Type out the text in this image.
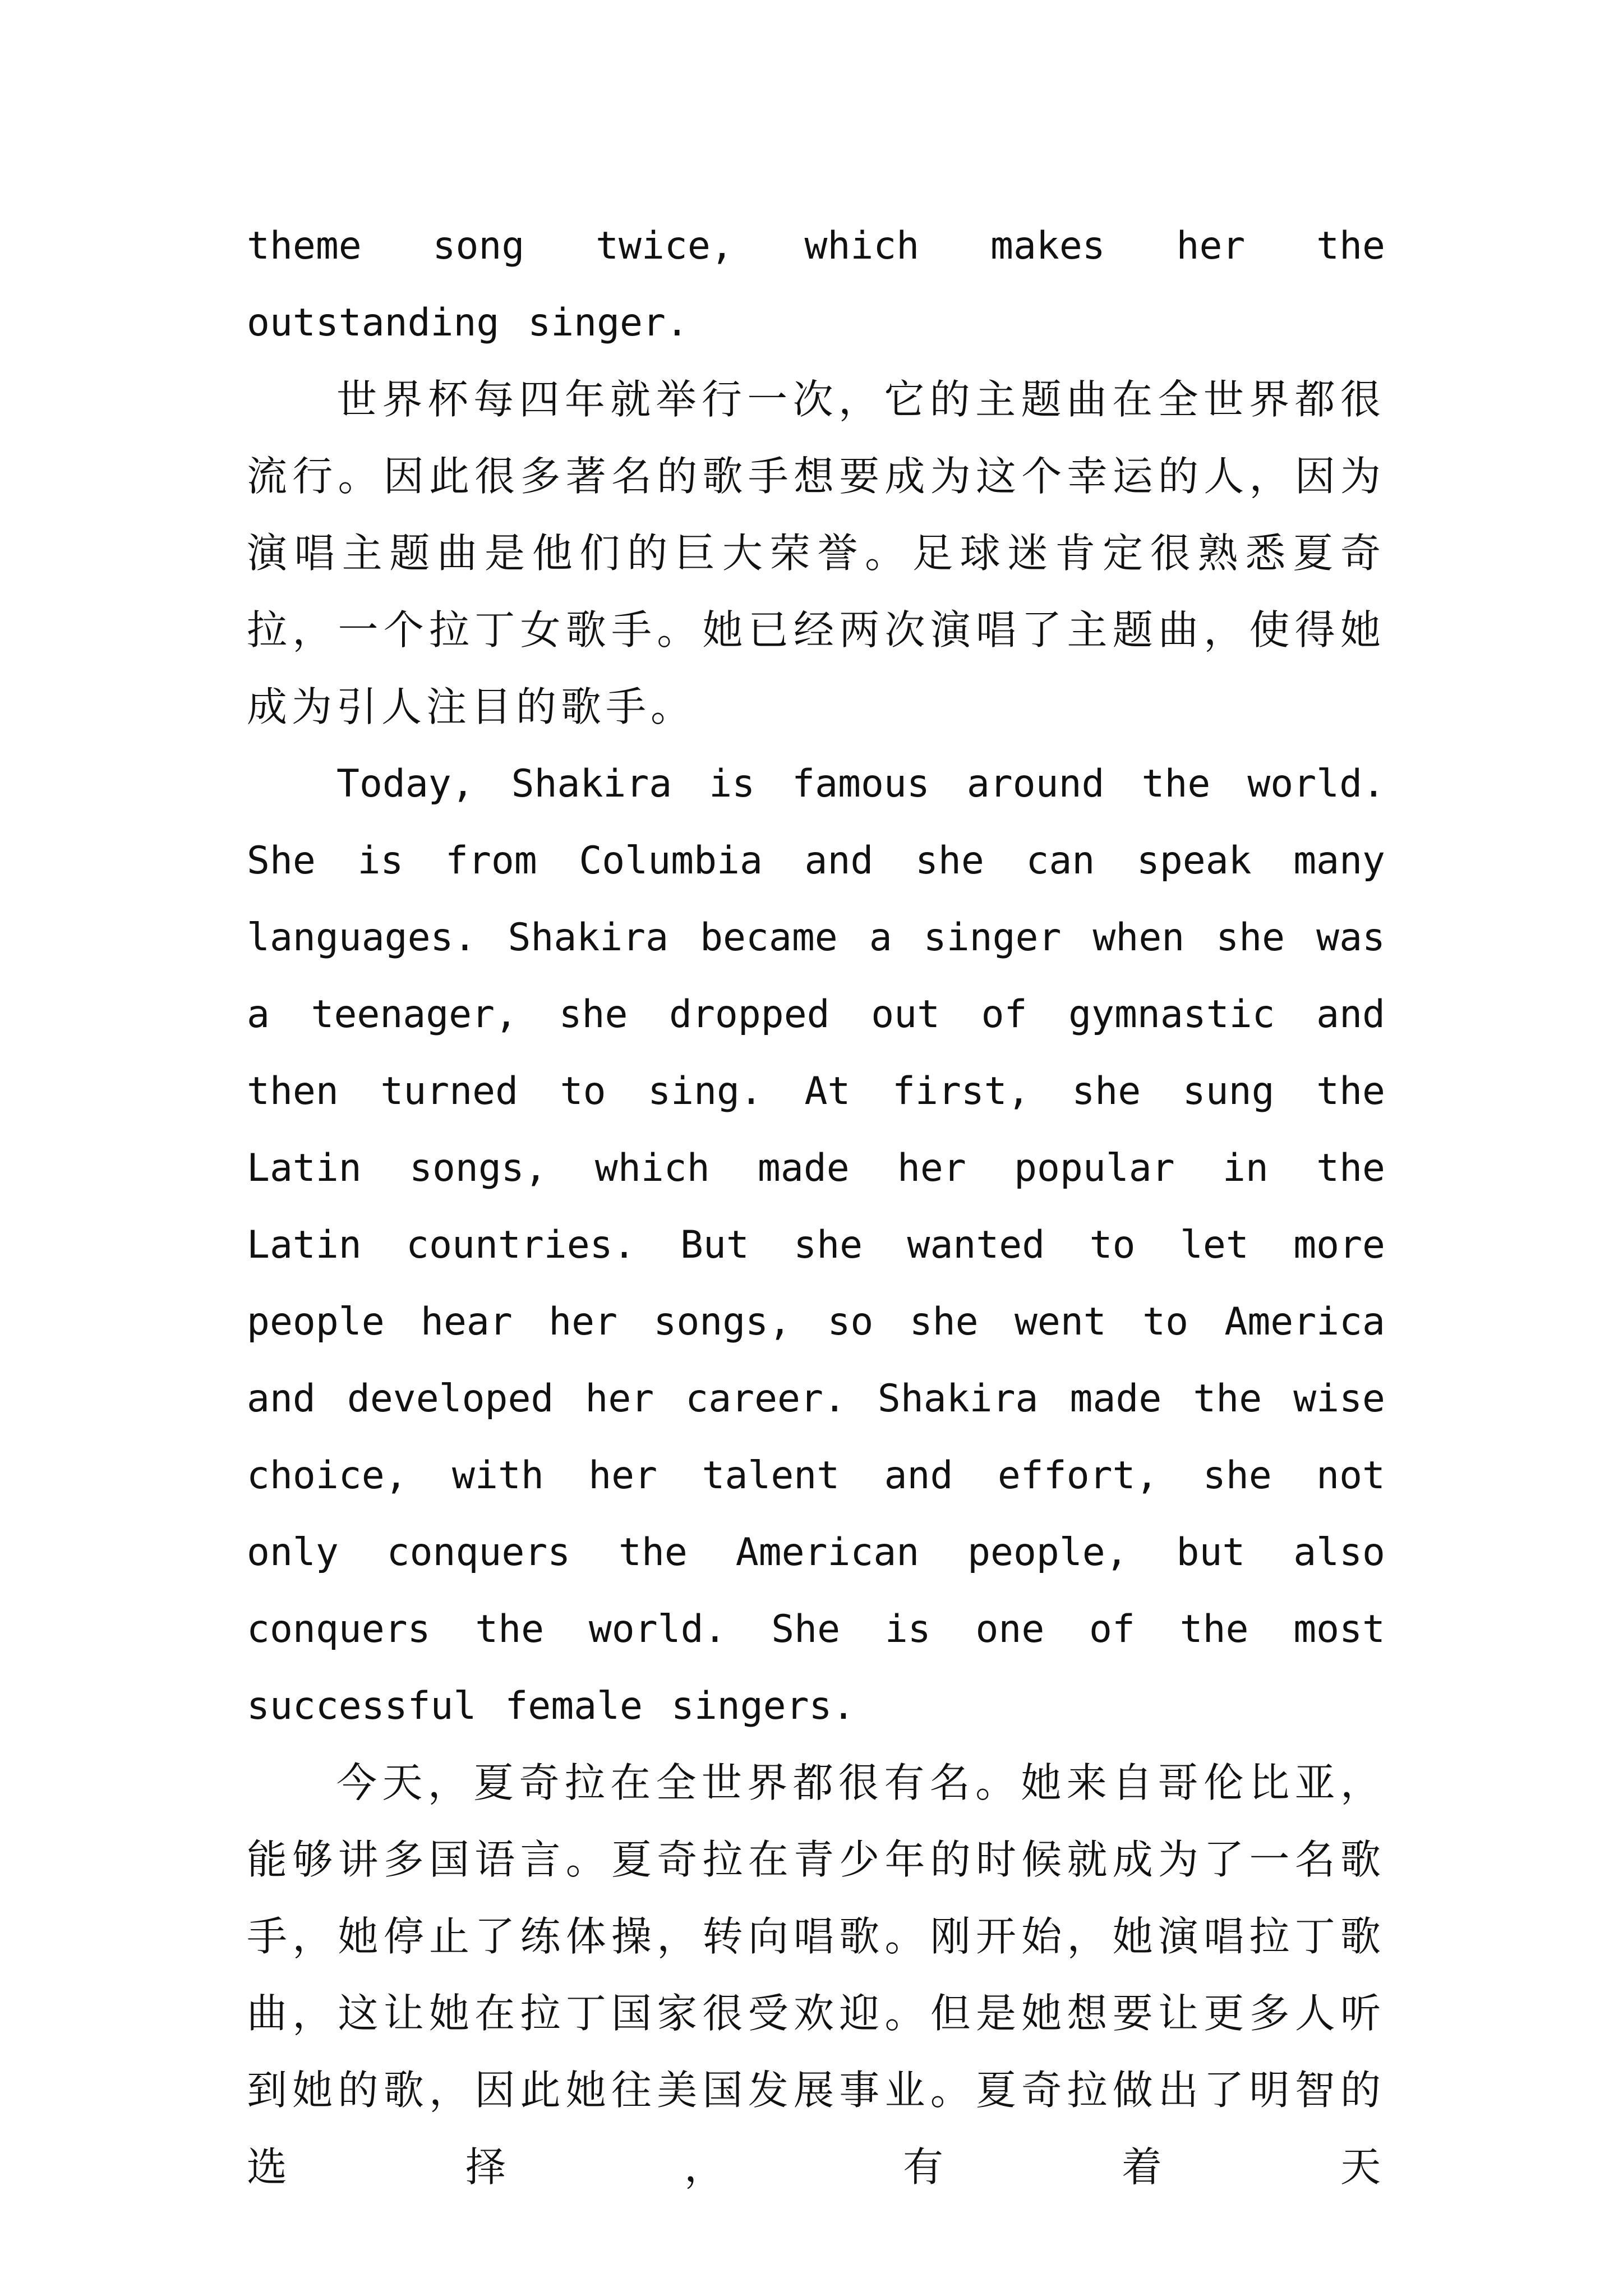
theme song twice, which makes her the outstanding singer.

世界杯每四年就举行一次，它的主题曲在全世界都很流行。因此很多著名的歌手想要成为这个幸运的人，因为演唱主题曲是他们的巨大荣誉。足球迷肯定很熟悉夏奇拉，一个拉丁女歌手。她已经两次演唱了主题曲，使得她成为引人注目的歌手。

Today, Shakira is famous around the world. She is from Columbia and she can speak many languages. Shakira became a singer when she was a teenager, she dropped out of gymnastic and then turned to sing. At first, she sung the Latin songs, which made her popular in the Latin countries. But she wanted to let more people hear her songs, so she went to America and developed her career. Shakira made the wise choice, with her talent and effort, she not only conquers the American people, but also conquers the world. She is one of the most successful female singers.

今天，夏奇拉在全世界都很有名。她来自哥伦比亚，能够讲多国语言。夏奇拉在青少年的时候就成为了一名歌手，她停止了练体操，转向唱歌。刚开始，她演唱拉丁歌曲，这让她在拉丁国家很受欢迎。但是她想要让更多人听到她的歌，因此她往美国发展事业。夏奇拉做出了明智的选择，有着天
